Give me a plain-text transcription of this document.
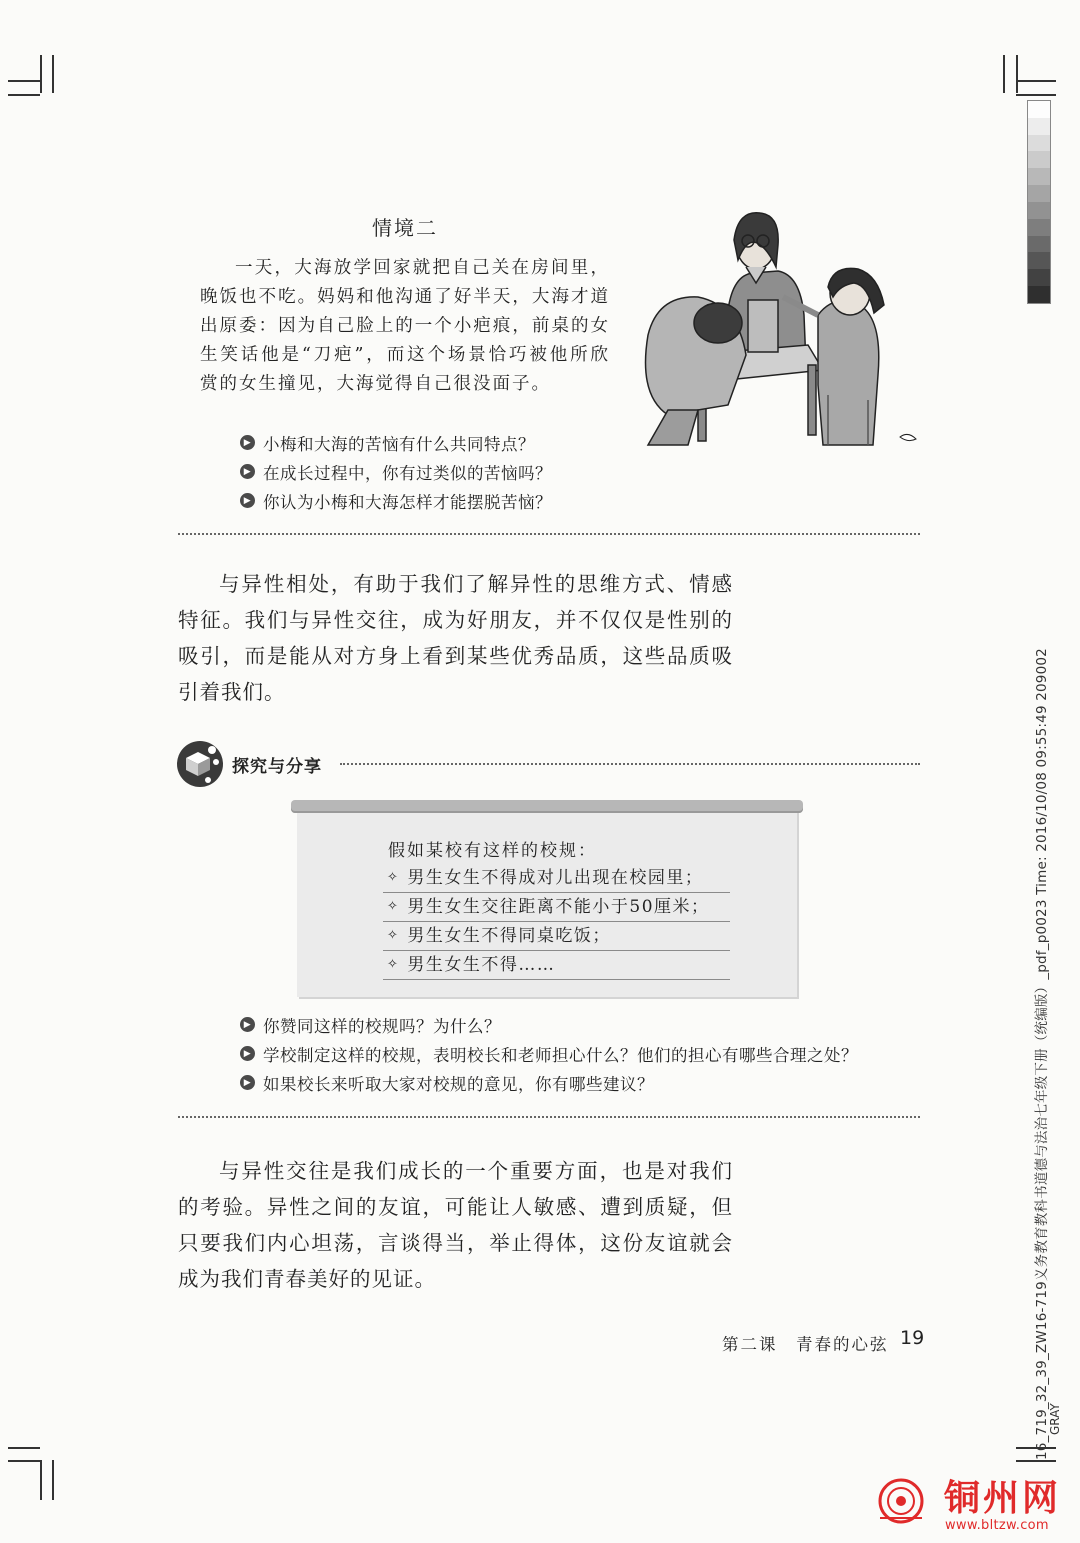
16_719_32_39_ZW16-719义务教育教科书道德与法治七年级下册（统编版）_pdf_p0023 Time: 2016/10/08 09:55:49 209002
GRAY
情境二

一天，大海放学回家就把自己关在房间里，晚饭也不吃。妈妈和他沟通了好半天，大海才道出原委：因为自己脸上的一个小疤痕，前桌的女生笑话他是“刀疤”，而这个场景恰巧被他所欣赏的女生撞见，大海觉得自己很没面子。

▶ 小梅和大海的苦恼有什么共同特点？
▶ 在成长过程中，你有过类似的苦恼吗？
▶ 你认为小梅和大海怎样才能摆脱苦恼？

与异性相处，有助于我们了解异性的思维方式、情感特征。我们与异性交往，成为好朋友，并不仅仅是性别的吸引，而是能从对方身上看到某些优秀品质，这些品质吸引着我们。

探究与分享
假如某校有这样的校规：
✧ 男生女生不得成对儿出现在校园里；
✧ 男生女生交往距离不能小于50厘米；
✧ 男生女生不得同桌吃饭；
✧ 男生女生不得……
▶ 你赞同这样的校规吗？为什么？
▶ 学校制定这样的校规，表明校长和老师担心什么？他们的担心有哪些合理之处？
▶ 如果校长来听取大家对校规的意见，你有哪些建议？

与异性交往是我们成长的一个重要方面，也是对我们的考验。异性之间的友谊，可能让人敏感、遭到质疑，但只要我们内心坦荡，言谈得当，举止得体，这份友谊就会成为我们青春美好的见证。

第二课　青春的心弦 19
铜州网
www.bltzw.com
